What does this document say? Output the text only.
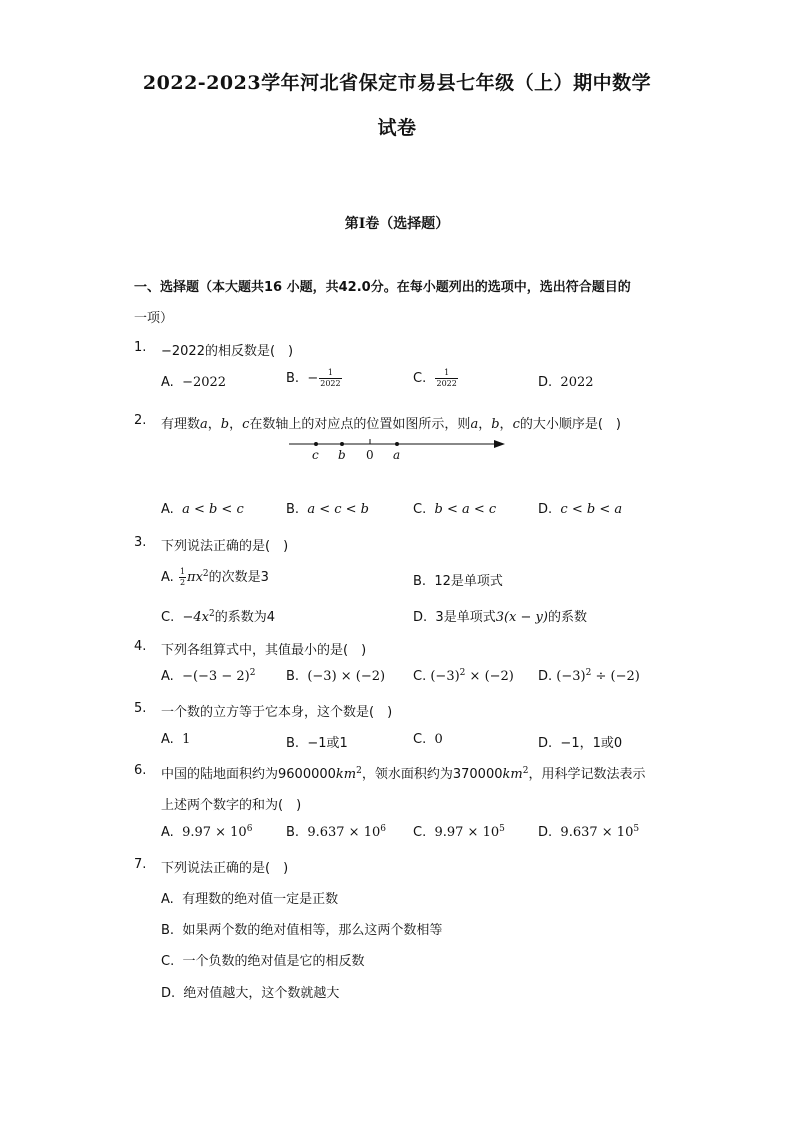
2022-2023学年河北省保定市易县七年级（上）期中数学
试卷
第I卷（选择题）
一、选择题（本大题共16 小题，共42.0分。在每小题列出的选项中，选出符合题目的
一项）
1. −2022的相反数是(　)
A. −2022	B. − $\frac{1}{2022}$	C. $\frac{1}{2022}$	D. 2022
2. 有理数a，b，c在数轴上的对应点的位置如图所示，则a，b，c的大小顺序是(　)
c b 0 a
A. a < b < c	B. a < c < b	C. b < a < c	D. c < b < a
3. 下列说法正确的是(　)
A. $\frac{1}{2} \pi x^2$的次数是3	B. 12是单项式
C. $-4x^2$的系数为4	D. 3是单项式3(x − y)的系数
4. 下列各组算式中，其值最小的是(　)
A. $-(-3 - 2)^2$ B. (−3) × (−2) C. $(-3)^2 \times (-2)$ D. $(-3)^2 \div (-2)$
5. 一个数的立方等于它本身，这个数是(　)
A. 1	B. −1或1	C. 0	D. −1，1或0
6. 中国的陆地面积约为$9600000km^2$，领水面积约为$370000km^2$，用科学记数法表示
上述两个数字的和为(　)
A. $9.97 \times 10^6$	B. $9.637 \times 10^6$ C. $9.97 \times 10^5$	D. $9.637 \times 10^5$
7. 下列说法正确的是(　)
A. 有理数的绝对值一定是正数
B. 如果两个数的绝对值相等，那么这两个数相等
C. 一个负数的绝对值是它的相反数
D. 绝对值越大，这个数就越大
